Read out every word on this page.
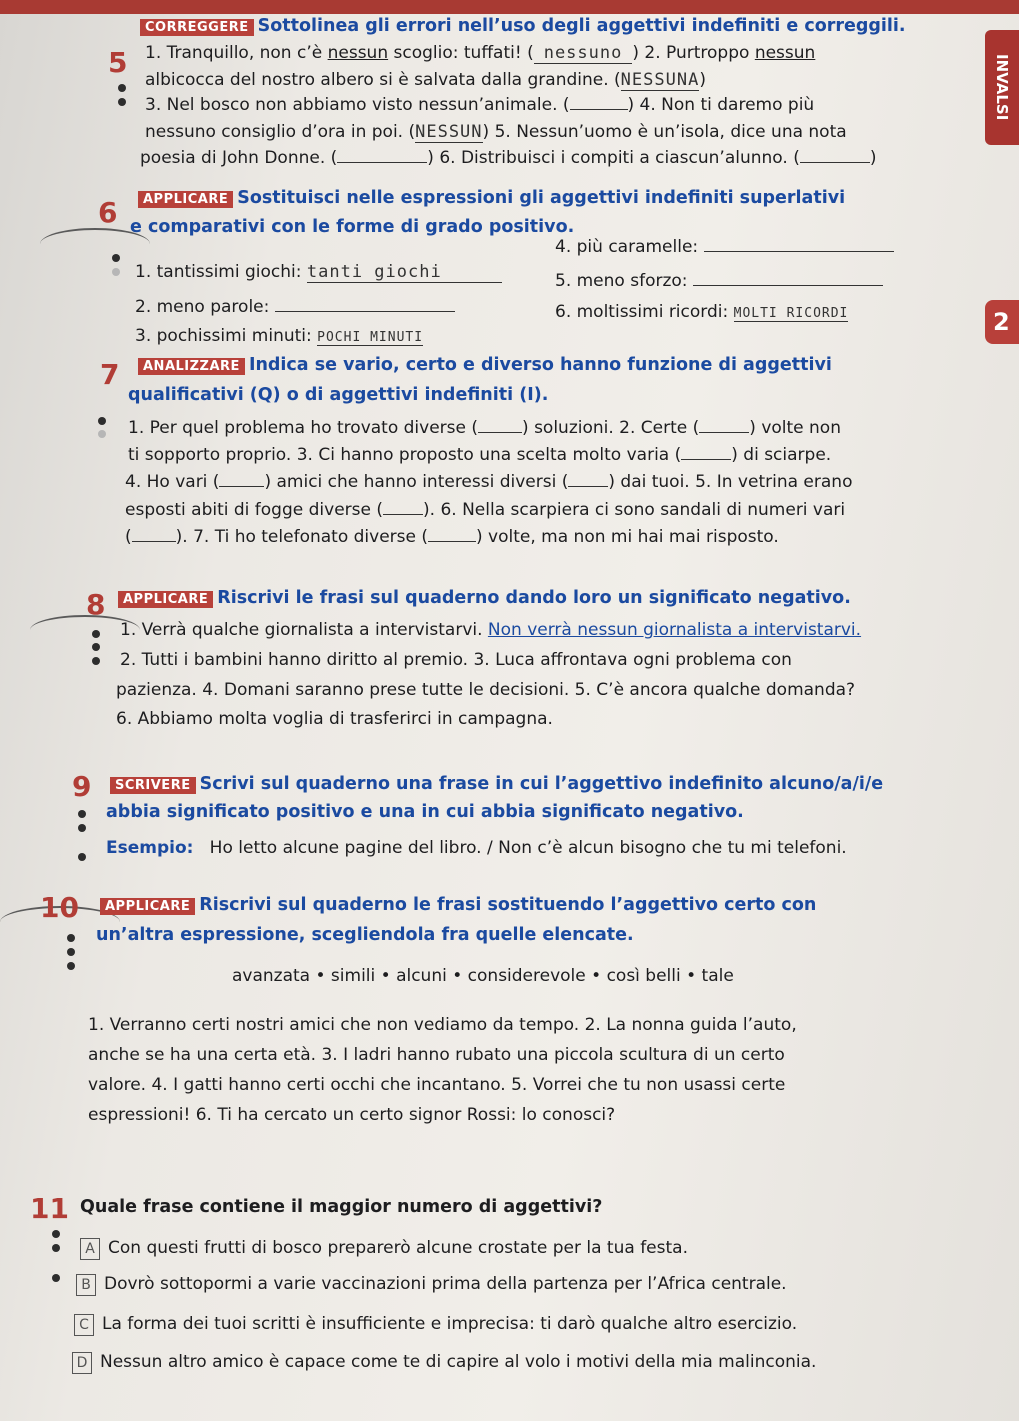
INVALSI
2
5
CORREGGERE Sottolinea gli errori nell’uso degli aggettivi indefiniti e correggili.
1. Tranquillo, non c’è nessun scoglio: tuffati! ( nessuno ) 2. Purtroppo nessun
albicocca del nostro albero si è salvata dalla grandine. (NESSUNA)
3. Nel bosco non abbiamo visto nessun’animale. (	) 4. Non ti daremo più
nessuno consiglio d’ora in poi. (NESSUN) 5. Nessun’uomo è un’isola, dice una nota
poesia di John Donne. (	) 6. Distribuisci i compiti a ciascun’alunno. (	)
6	APPLICARE Sostituisci nelle espressioni gli aggettivi indefiniti superlativi
e comparativi con le forme di grado positivo.
1. tantissimi giochi: tanti giochi
2. meno parole:
3. pochissimi minuti: POCHI MINUTI
4. più caramelle:
5. meno sforzo:
6. moltissimi ricordi: MOLTI RICORDI
7	ANALIZZARE Indica se vario, certo e diverso hanno funzione di aggettivi
qualificativi (Q) o di aggettivi indefiniti (I).
1. Per quel problema ho trovato diverse (	) soluzioni. 2. Certe (	) volte non
ti sopporto proprio. 3. Ci hanno proposto una scelta molto varia (	) di sciarpe.
4. Ho vari (	) amici che hanno interessi diversi ( ) dai tuoi. 5. In vetrina erano
esposti abiti di fogge diverse ( ). 6. Nella scarpiera ci sono sandali di numeri vari
(	). 7. Ti ho telefonato diverse (	) volte, ma non mi hai mai risposto.
8	APPLICARE Riscrivi le frasi sul quaderno dando loro un significato negativo.
1. Verrà qualche giornalista a intervistarvi. Non verrà nessun giornalista a intervistarvi.
2. Tutti i bambini hanno diritto al premio. 3. Luca affrontava ogni problema con
pazienza. 4. Domani saranno prese tutte le decisioni. 5. C’è ancora qualche domanda?
6. Abbiamo molta voglia di trasferirci in campagna.
9	SCRIVERE Scrivi sul quaderno una frase in cui l’aggettivo indefinito alcuno/a/i/e
abbia significato positivo e una in cui abbia significato negativo.
Esempio: Ho letto alcune pagine del libro. / Non c’è alcun bisogno che tu mi telefoni.
10	APPLICARE Riscrivi sul quaderno le frasi sostituendo l’aggettivo certo con
un’altra espressione, scegliendola fra quelle elencate.
avanzata • simili • alcuni • considerevole • così belli • tale
1. Verranno certi nostri amici che non vediamo da tempo. 2. La nonna guida l’auto,
anche se ha una certa età. 3. I ladri hanno rubato una piccola scultura di un certo
valore. 4. I gatti hanno certi occhi che incantano. 5. Vorrei che tu non usassi certe
espressioni! 6. Ti ha cercato un certo signor Rossi: lo conosci?
11 Quale frase contiene il maggior numero di aggettivi?
A Con questi frutti di bosco preparerò alcune crostate per la tua festa.
B Dovrò sottopormi a varie vaccinazioni prima della partenza per l’Africa centrale.
C La forma dei tuoi scritti è insufficiente e imprecisa: ti darò qualche altro esercizio.
D Nessun altro amico è capace come te di capire al volo i motivi della mia malinconia.
